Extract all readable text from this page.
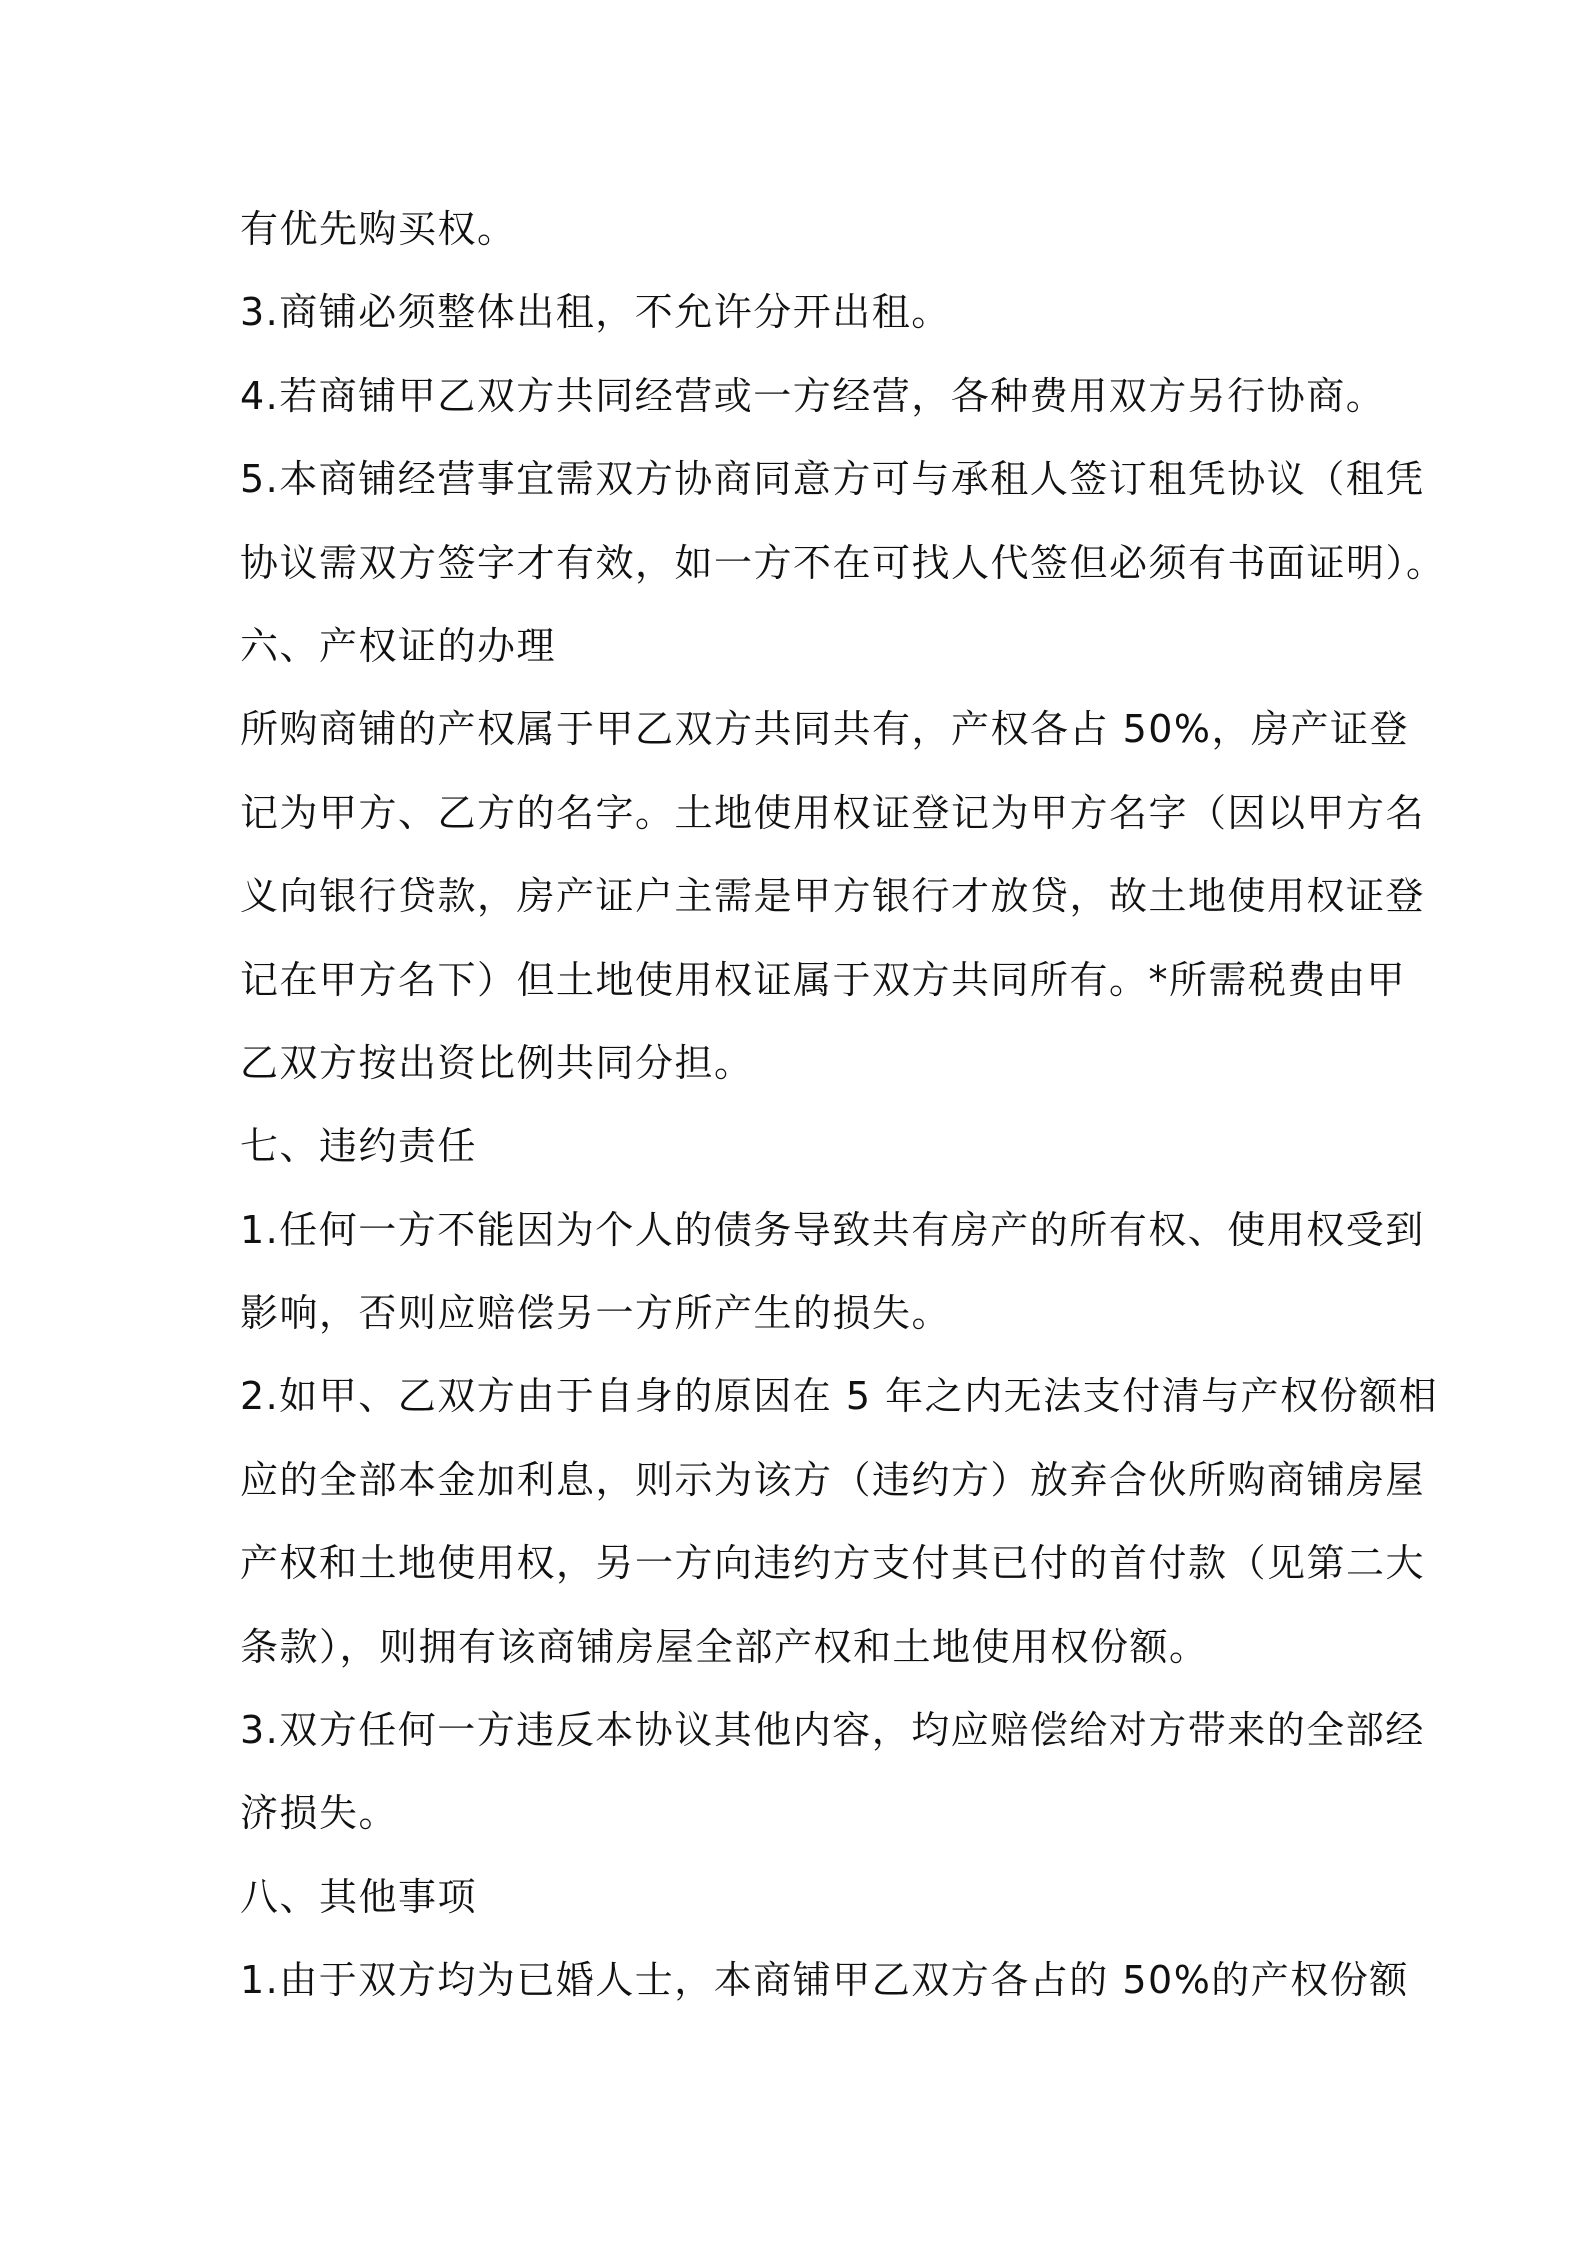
有优先购买权。
3.商铺必须整体出租，不允许分开出租。
4.若商铺甲乙双方共同经营或一方经营，各种费用双方另行协商。
5.本商铺经营事宜需双方协商同意方可与承租人签订租凭协议（租凭
协议需双方签字才有效，如一方不在可找人代签但必须有书面证明）。
六、产权证的办理
所购商铺的产权属于甲乙双方共同共有，产权各占 50%，房产证登
记为甲方、乙方的名字。土地使用权证登记为甲方名字（因以甲方名
义向银行贷款，房产证户主需是甲方银行才放贷，故土地使用权证登
记在甲方名下）但土地使用权证属于双方共同所有。*所需税费由甲
乙双方按出资比例共同分担。
七、违约责任
1.任何一方不能因为个人的债务导致共有房产的所有权、使用权受到
影响，否则应赔偿另一方所产生的损失。
2.如甲、乙双方由于自身的原因在 5 年之内无法支付清与产权份额相
应的全部本金加利息，则示为该方（违约方）放弃合伙所购商铺房屋
产权和土地使用权，另一方向违约方支付其已付的首付款（见第二大
条款），则拥有该商铺房屋全部产权和土地使用权份额。
3.双方任何一方违反本协议其他内容，均应赔偿给对方带来的全部经
济损失。
八、其他事项
1.由于双方均为已婚人士，本商铺甲乙双方各占的 50%的产权份额
